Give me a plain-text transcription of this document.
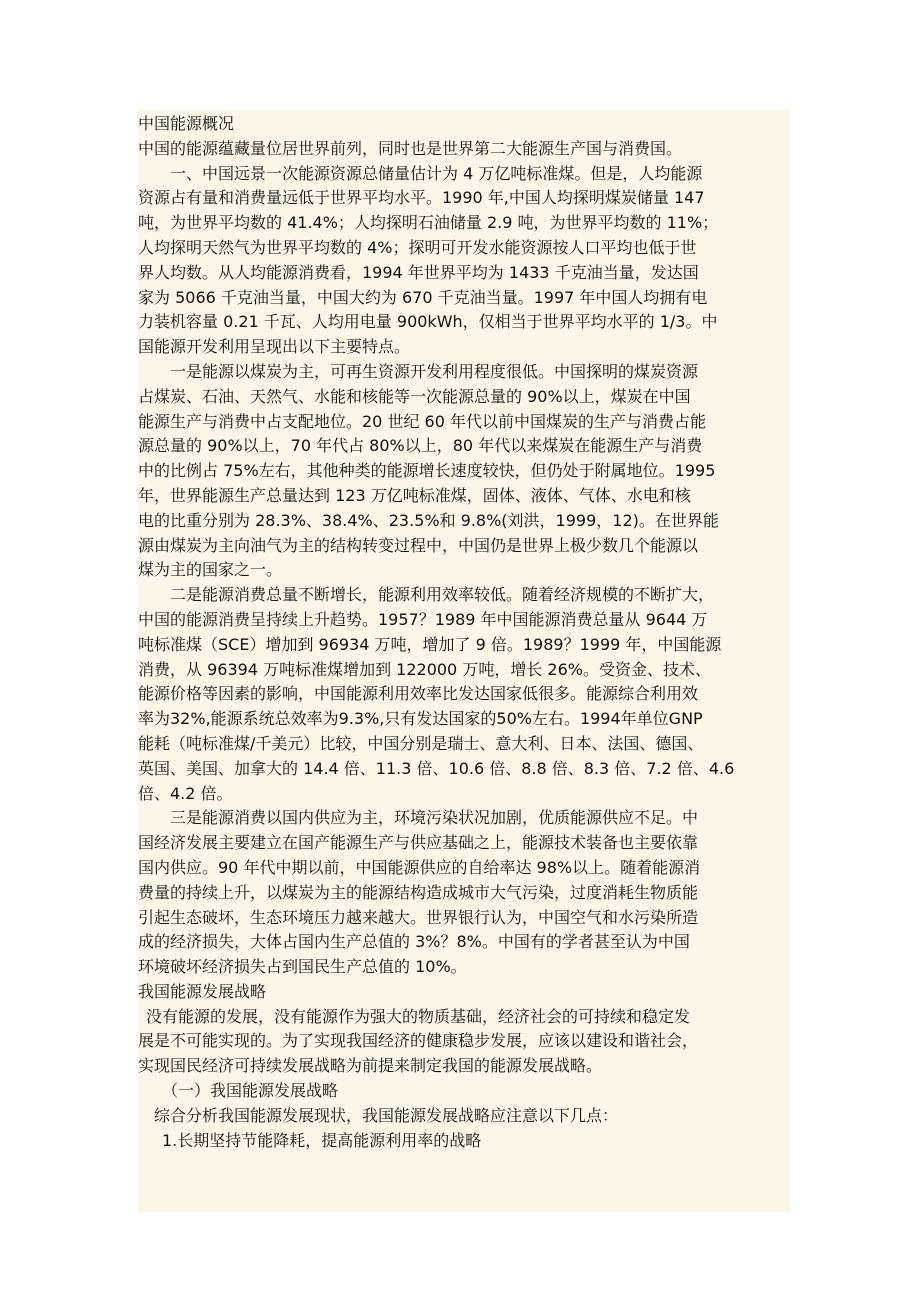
中国能源概况
中国的能源蕴藏量位居世界前列，同时也是世界第二大能源生产国与消费国。
一、中国远景一次能源资源总储量估计为 4 万亿吨标准煤。但是，人均能源
资源占有量和消费量远低于世界平均水平。1990 年,中国人均探明煤炭储量 147
吨，为世界平均数的 41.4%；人均探明石油储量 2.9 吨，为世界平均数的 11%；
人均探明天然气为世界平均数的 4%；探明可开发水能资源按人口平均也低于世
界人均数。从人均能源消费看，1994 年世界平均为 1433 千克油当量，发达国
家为 5066 千克油当量，中国大约为 670 千克油当量。1997 年中国人均拥有电
力装机容量 0.21 千瓦、人均用电量 900kWh，仅相当于世界平均水平的 1/3。中
国能源开发利用呈现出以下主要特点。
一是能源以煤炭为主，可再生资源开发利用程度很低。中国探明的煤炭资源
占煤炭、石油、天然气、水能和核能等一次能源总量的 90%以上，煤炭在中国
能源生产与消费中占支配地位。20 世纪 60 年代以前中国煤炭的生产与消费占能
源总量的 90%以上，70 年代占 80%以上，80 年代以来煤炭在能源生产与消费
中的比例占 75%左右，其他种类的能源增长速度较快，但仍处于附属地位。1995
年，世界能源生产总量达到 123 万亿吨标准煤，固体、液体、气体、水电和核
电的比重分别为 28.3%、38.4%、23.5%和 9.8%(刘洪，1999，12)。在世界能
源由煤炭为主向油气为主的结构转变过程中，中国仍是世界上极少数几个能源以
煤为主的国家之一。
二是能源消费总量不断增长，能源利用效率较低。随着经济规模的不断扩大，
中国的能源消费呈持续上升趋势。1957？1989 年中国能源消费总量从 9644 万
吨标准煤（SCE）增加到 96934 万吨，增加了 9 倍。1989？1999 年，中国能源
消费，从 96394 万吨标准煤增加到 122000 万吨，增长 26%。受资金、技术、
能源价格等因素的影响，中国能源利用效率比发达国家低很多。能源综合利用效
率为32%,能源系统总效率为9.3%,只有发达国家的50%左右。1994年单位GNP
能耗（吨标准煤/千美元）比较，中国分别是瑞士、意大利、日本、法国、德国、
英国、美国、加拿大的 14.4 倍、11.3 倍、10.6 倍、8.8 倍、8.3 倍、7.2 倍、4.6
倍、4.2 倍。
三是能源消费以国内供应为主，环境污染状况加剧，优质能源供应不足。中
国经济发展主要建立在国产能源生产与供应基础之上，能源技术装备也主要依靠
国内供应。90 年代中期以前，中国能源供应的自给率达 98%以上。随着能源消
费量的持续上升，以煤炭为主的能源结构造成城市大气污染，过度消耗生物质能
引起生态破坏，生态环境压力越来越大。世界银行认为，中国空气和水污染所造
成的经济损失，大体占国内生产总值的 3%？8%。中国有的学者甚至认为中国
环境破坏经济损失占到国民生产总值的 10%。
我国能源发展战略
没有能源的发展，没有能源作为强大的物质基础，经济社会的可持续和稳定发
展是不可能实现的。为了实现我国经济的健康稳步发展，应该以建设和谐社会，
实现国民经济可持续发展战略为前提来制定我国的能源发展战略。
（一）我国能源发展战略
综合分析我国能源发展现状，我国能源发展战略应注意以下几点：
1.长期坚持节能降耗，提高能源利用率的战略
